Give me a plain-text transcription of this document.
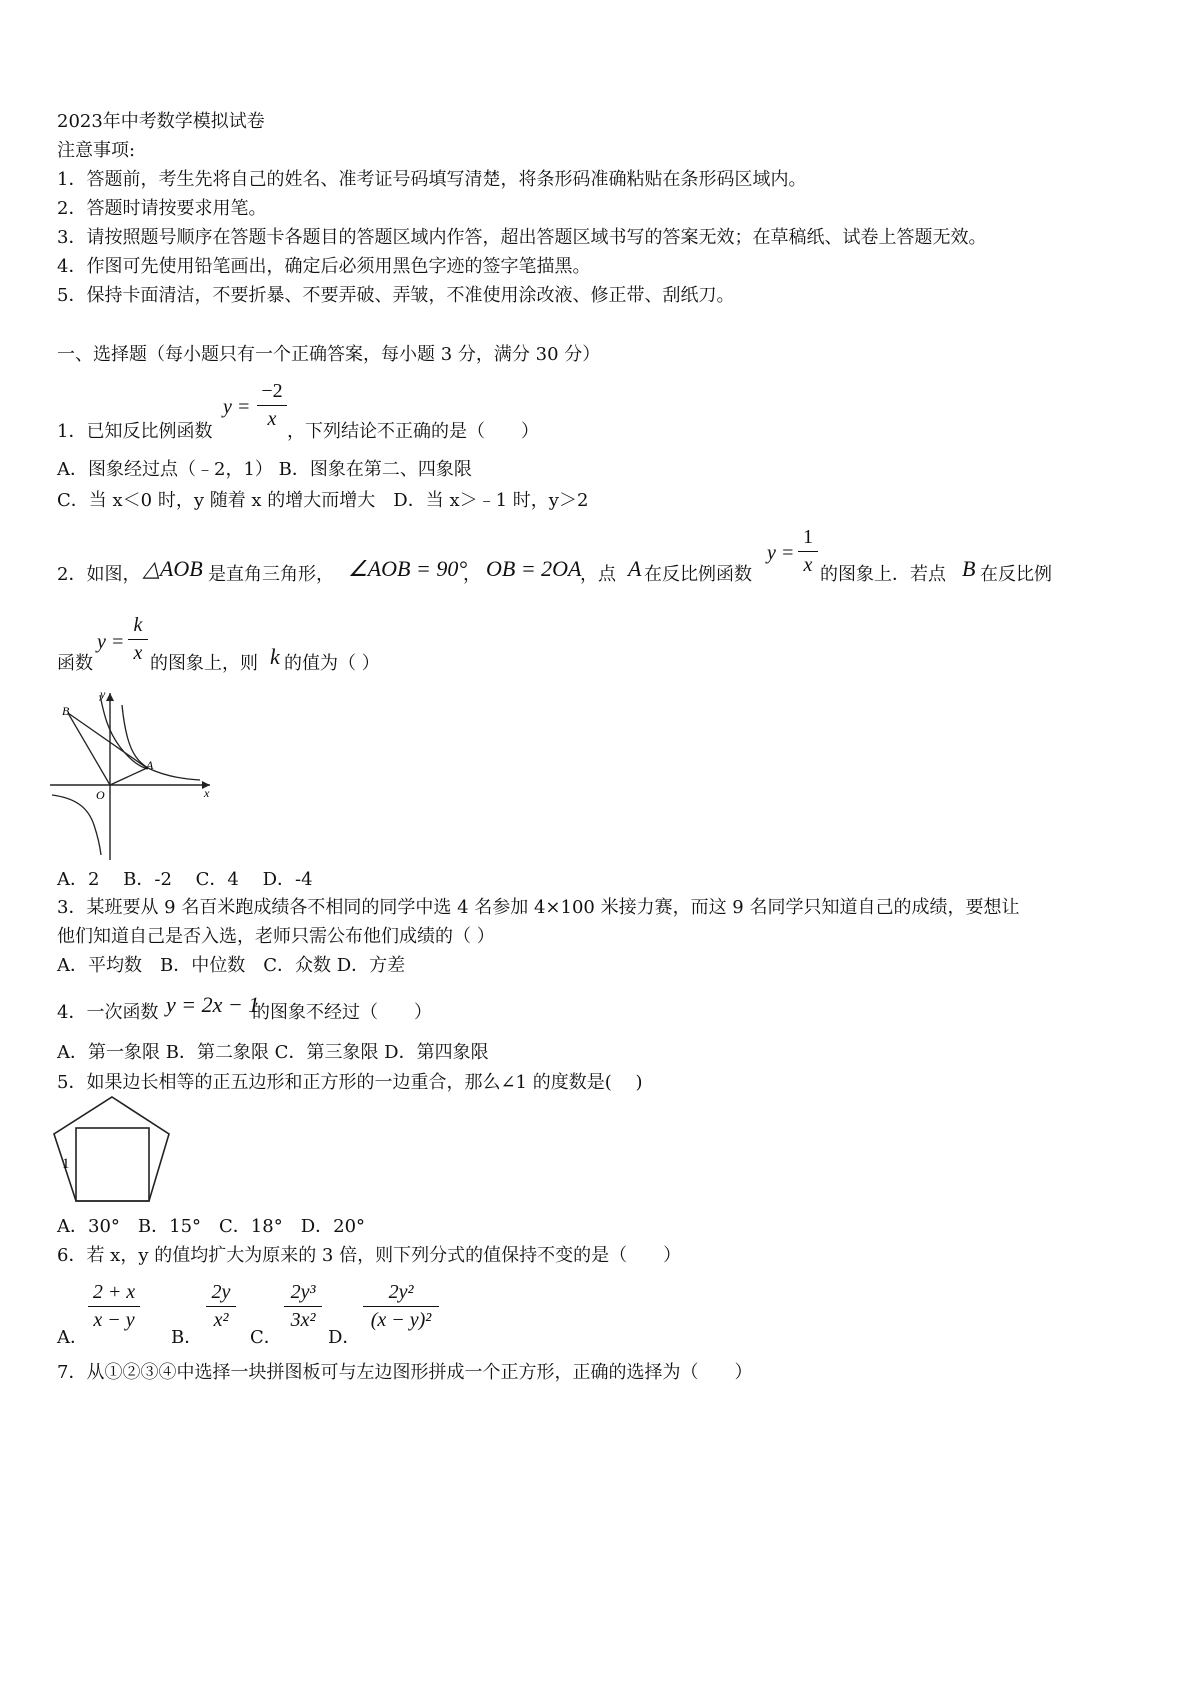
2023年中考数学模拟试卷
注意事项:
1．答题前，考生先将自己的姓名、准考证号码填写清楚，将条形码准确粘贴在条形码区域内。
2．答题时请按要求用笔。
3．请按照题号顺序在答题卡各题目的答题区域内作答，超出答题区域书写的答案无效；在草稿纸、试卷上答题无效。
4．作图可先使用铅笔画出，确定后必须用黑色字迹的签字笔描黑。
5．保持卡面清洁，不要折暴、不要弄破、弄皱，不准使用涂改液、修正带、刮纸刀。
一、选择题（每小题只有一个正确答案，每小题 3 分，满分 30 分）
1．已知反比例函数
y =
−2
x
，下列结论不正确的是（　　）
A．图象经过点（﹣2，1） B．图象在第二、四象限
C．当 x＜0 时，y 随着 x 的增大而增大　D．当 x＞﹣1 时，y＞2
2．如图， △AOB 是直角三角形， ∠AOB = 90°
， OB = 2OA
，点 A 在反比例函数
y =
1
x 的图象上．若点 B 在反比例
函数
y =
k
x 的图象上，则 k 的值为（ ）
y
x
O
A
B
A．2　 B．-2　 C．4　 D．-4
3．某班要从 9 名百米跑成绩各不相同的同学中选 4 名参加 4×100 米接力赛，而这 9 名同学只知道自己的成绩，要想让
他们知道自己是否入选，老师只需公布他们成绩的（ ）
A．平均数　B．中位数　C．众数 D．方差
4．一次函数 y = 2x − 1
的图象不经过（　　）
A．第一象限 B．第二象限 C．第三象限 D．第四象限
5．如果边长相等的正五边形和正方形的一边重合，那么∠1 的度数是(　 )
1
A．30°　B．15°　C．18°　D．20°
6．若 x，y 的值均扩大为原来的 3 倍，则下列分式的值保持不变的是（　　）
A．
2 + x
x − y
B．
2y
x²
C．
2y³
3x²
D．
2y²
(x − y)²
7．从①②③④中选择一块拼图板可与左边图形拼成一个正方形，正确的选择为（　　）
